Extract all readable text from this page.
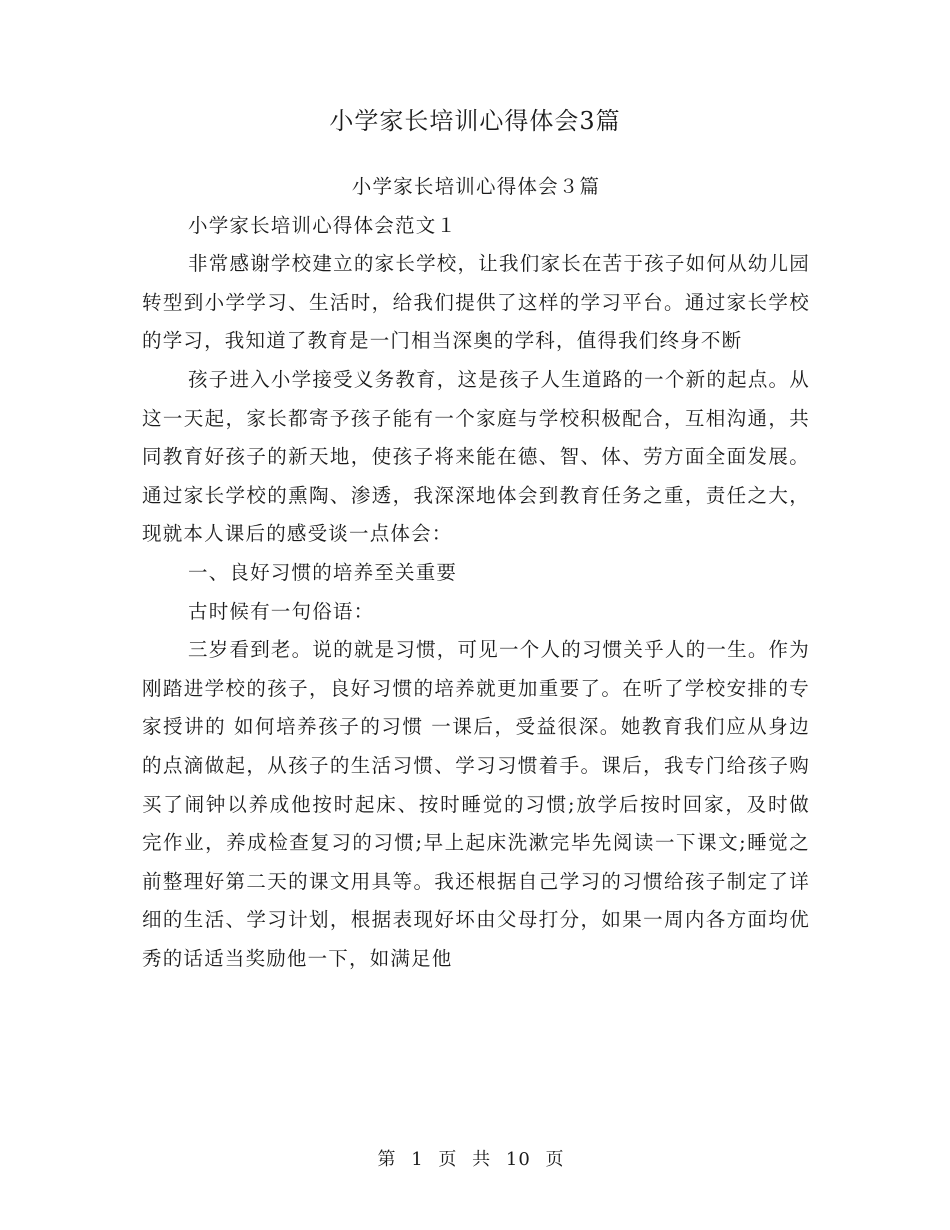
小学家长培训心得体会3篇

小学家长培训心得体会３篇

小学家长培训心得体会范文１

非常感谢学校建立的家长学校，让我们家长在苦于孩子如何从幼儿园转型到小学学习、生活时，给我们提供了这样的学习平台。通过家长学校的学习，我知道了教育是一门相当深奥的学科，值得我们终身不断

孩子进入小学接受义务教育，这是孩子人生道路的一个新的起点。从这一天起，家长都寄予孩子能有一个家庭与学校积极配合，互相沟通，共同教育好孩子的新天地，使孩子将来能在德、智、体、劳方面全面发展。通过家长学校的熏陶、渗透，我深深地体会到教育任务之重，责任之大，现就本人课后的感受谈一点体会：

一、良好习惯的培养至关重要

古时候有一句俗语：

三岁看到老。说的就是习惯，可见一个人的习惯关乎人的一生。作为刚踏进学校的孩子，良好习惯的培养就更加重要了。在听了学校安排的专家授讲的 如何培养孩子的习惯 一课后，受益很深。她教育我们应从身边的点滴做起，从孩子的生活习惯、学习习惯着手。课后，我专门给孩子购买了闹钟以养成他按时起床、按时睡觉的习惯;放学后按时回家，及时做完作业，养成检查复习的习惯;早上起床洗漱完毕先阅读一下课文;睡觉之前整理好第二天的课文用具等。我还根据自己学习的习惯给孩子制定了详细的生活、学习计划，根据表现好坏由父母打分，如果一周内各方面均优秀的话适当奖励他一下，如满足他

第 1 页 共 10 页
